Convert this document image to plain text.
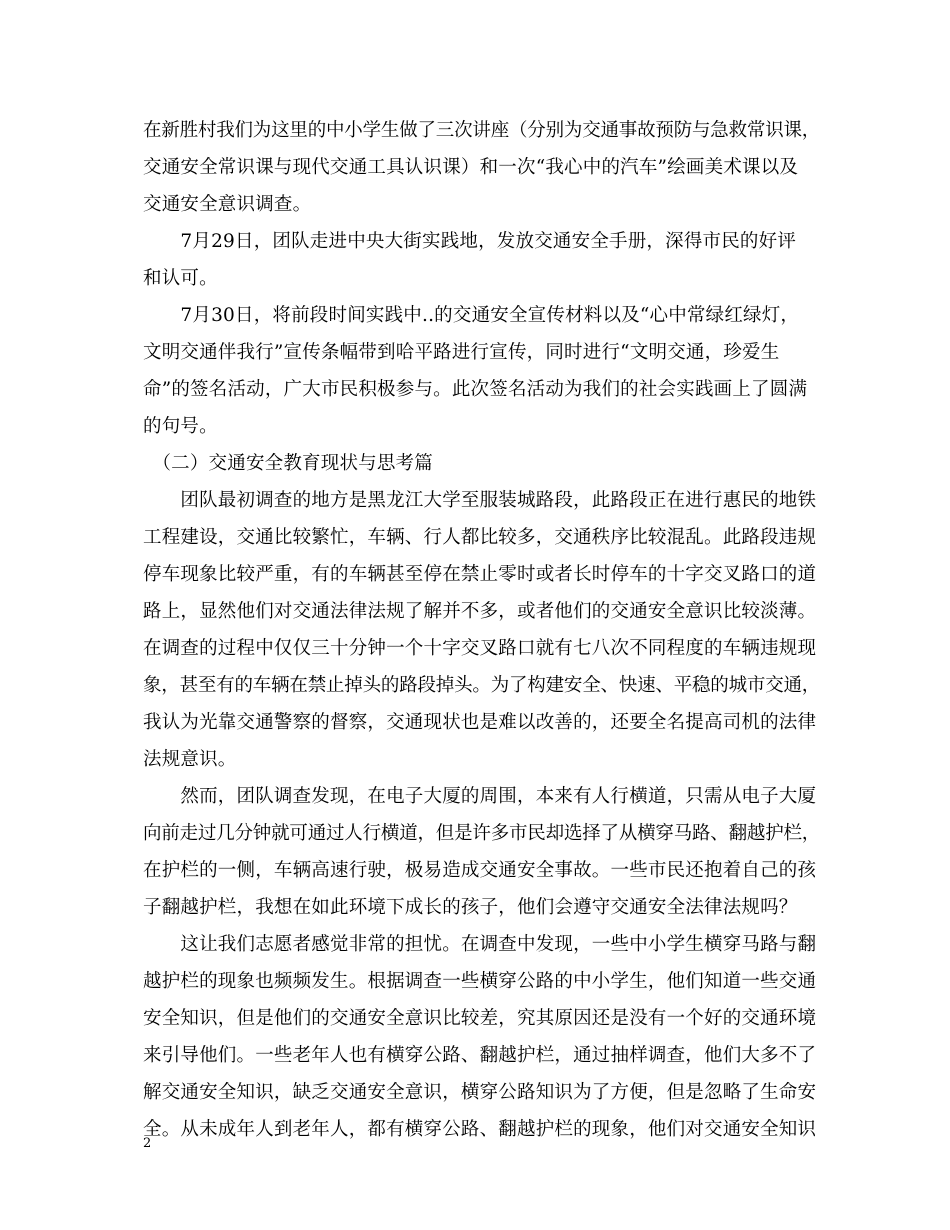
在新胜村我们为这里的中小学生做了三次讲座（分别为交通事故预防与急救常识课，
交通安全常识课与现代交通工具认识课）和一次“我心中的汽车”绘画美术课以及
交通安全意识调查。
　　7月29日，团队走进中央大街实践地，发放交通安全手册，深得市民的好评
和认可。
　　7月30日，将前段时间实践中..的交通安全宣传材料以及“心中常绿红绿灯，
文明交通伴我行”宣传条幅带到哈平路进行宣传，同时进行“文明交通，珍爱生
命”的签名活动，广大市民积极参与。此次签名活动为我们的社会实践画上了圆满
的句号。
　（二）交通安全教育现状与思考篇
　　团队最初调查的地方是黑龙江大学至服装城路段，此路段正在进行惠民的地铁
工程建设，交通比较繁忙，车辆、行人都比较多，交通秩序比较混乱。此路段违规
停车现象比较严重，有的车辆甚至停在禁止零时或者长时停车的十字交叉路口的道
路上，显然他们对交通法律法规了解并不多，或者他们的交通安全意识比较淡薄。
在调查的过程中仅仅三十分钟一个十字交叉路口就有七八次不同程度的车辆违规现
象，甚至有的车辆在禁止掉头的路段掉头。为了构建安全、快速、平稳的城市交通，
我认为光靠交通警察的督察，交通现状也是难以改善的，还要全名提高司机的法律
法规意识。
　　然而，团队调查发现，在电子大厦的周围，本来有人行横道，只需从电子大厦
向前走过几分钟就可通过人行横道，但是许多市民却选择了从横穿马路、翻越护栏，
在护栏的一侧，车辆高速行驶，极易造成交通安全事故。一些市民还抱着自己的孩
子翻越护栏，我想在如此环境下成长的孩子，他们会遵守交通安全法律法规吗？
　　这让我们志愿者感觉非常的担忧。在调查中发现，一些中小学生横穿马路与翻
越护栏的现象也频频发生。根据调查一些横穿公路的中小学生，他们知道一些交通
安全知识，但是他们的交通安全意识比较差，究其原因还是没有一个好的交通环境
来引导他们。一些老年人也有横穿公路、翻越护栏，通过抽样调查，他们大多不了
解交通安全知识，缺乏交通安全意识，横穿公路知识为了方便，但是忽略了生命安
全。从未成年人到老年人，都有横穿公路、翻越护栏的现象，他们对交通安全知识
2
